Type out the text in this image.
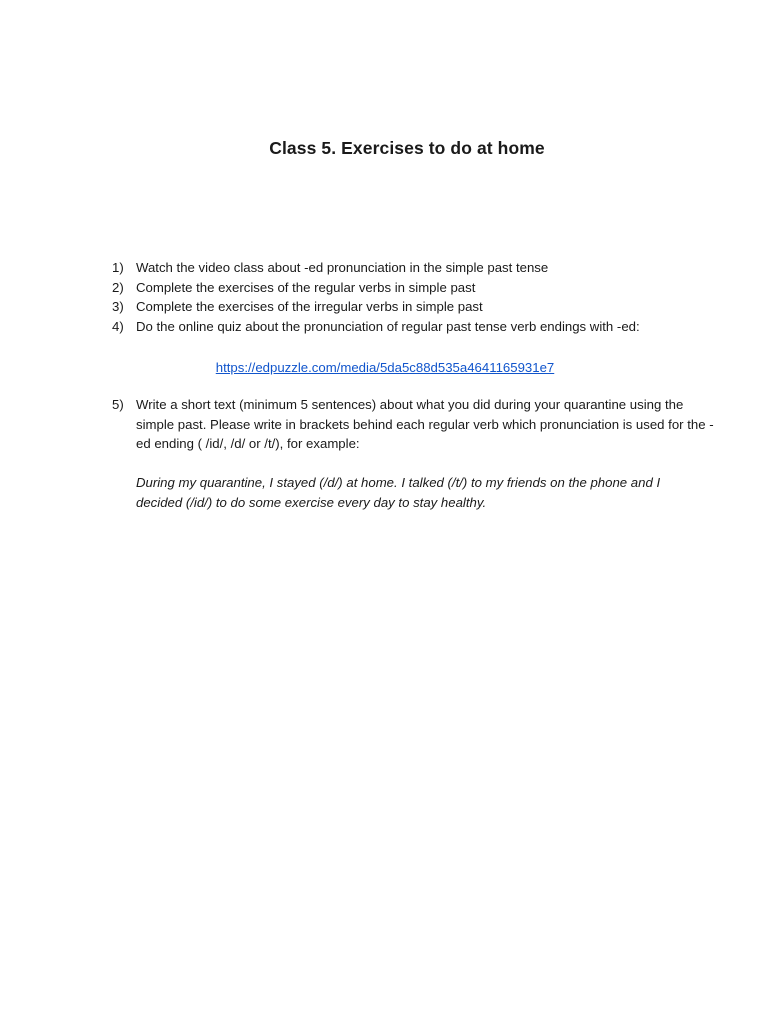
Class 5. Exercises to do at home
1) Watch the video class about -ed pronunciation in the simple past tense
2) Complete the exercises of the regular verbs in simple past
3) Complete the exercises of the irregular verbs in simple past
4) Do the online quiz about the pronunciation of regular past tense verb endings with -ed:
https://edpuzzle.com/media/5da5c88d535a4641165931e7
5) Write a short text (minimum 5 sentences) about what you did during your quarantine using the simple past. Please write in brackets behind each regular verb which pronunciation is used for the -ed ending ( /id/, /d/ or /t/), for example:
During my quarantine, I stayed (/d/) at home. I talked (/t/) to my friends on the phone and I decided (/id/) to do some exercise every day to stay healthy.
